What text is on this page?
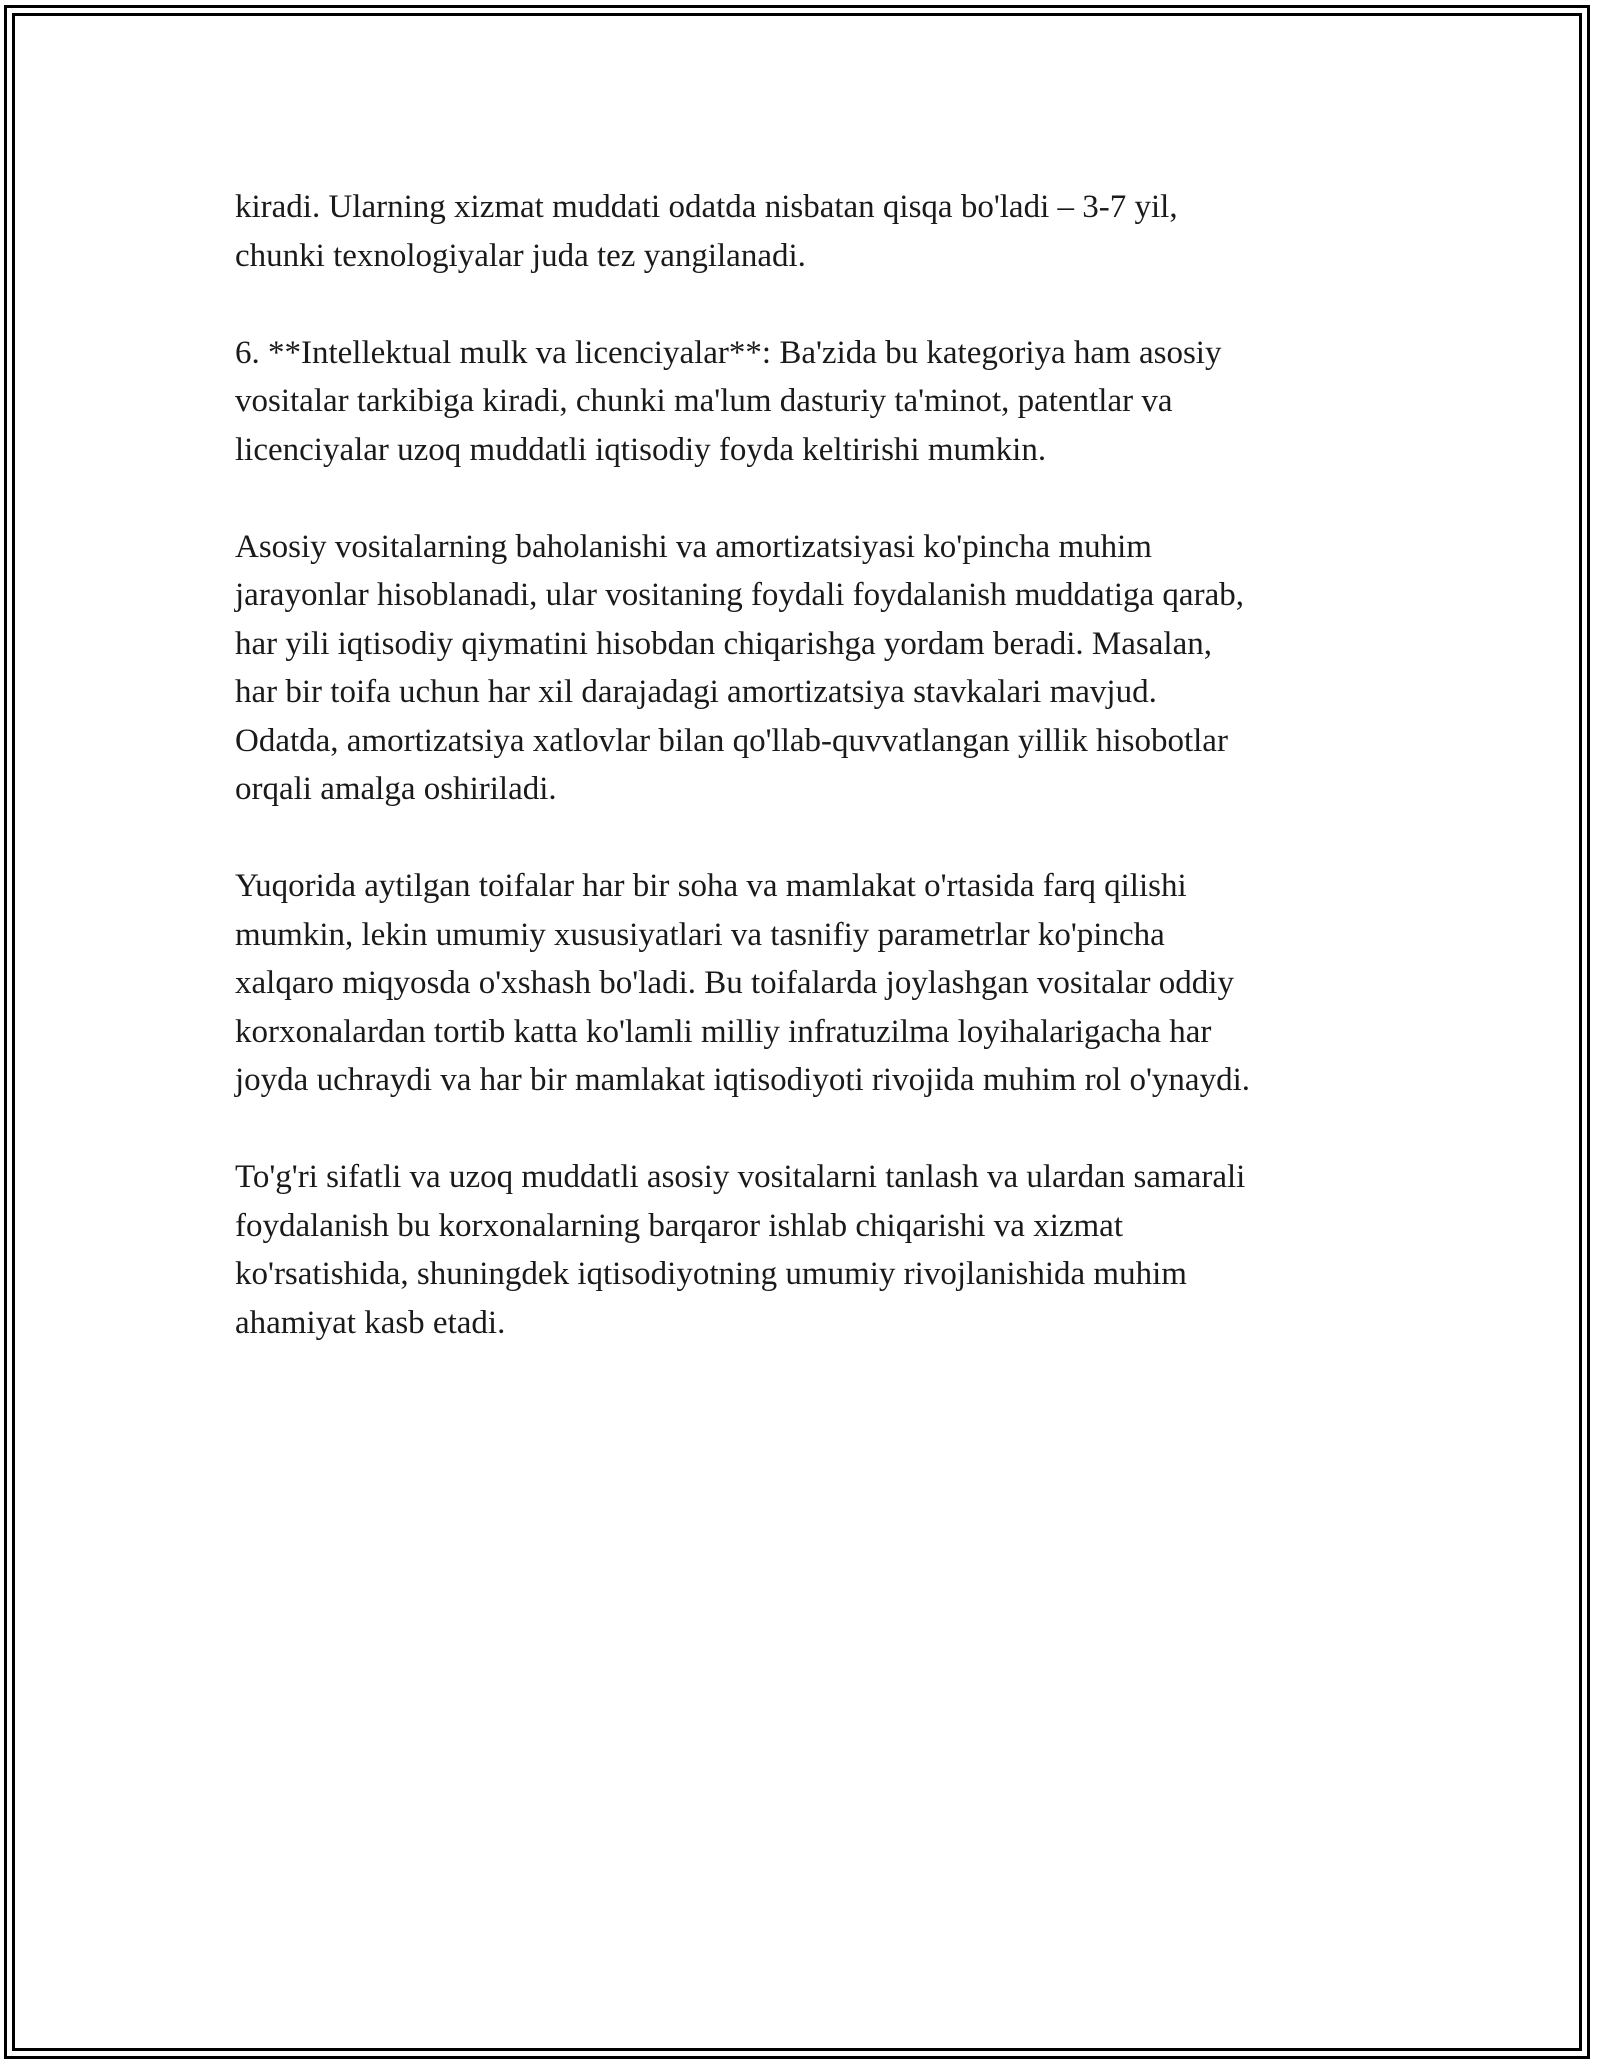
kiradi. Ularning xizmat muddati odatda nisbatan qisqa bo'ladi – 3-7 yil,
chunki texnologiyalar juda tez yangilanadi.

6. **Intellektual mulk va licenciyalar**: Ba'zida bu kategoriya ham asosiy
vositalar tarkibiga kiradi, chunki ma'lum dasturiy ta'minot, patentlar va
licenciyalar uzoq muddatli iqtisodiy foyda keltirishi mumkin.

Asosiy vositalarning baholanishi va amortizatsiyasi ko'pincha muhim
jarayonlar hisoblanadi, ular vositaning foydali foydalanish muddatiga qarab,
har yili iqtisodiy qiymatini hisobdan chiqarishga yordam beradi. Masalan,
har bir toifa uchun har xil darajadagi amortizatsiya stavkalari mavjud.
Odatda, amortizatsiya xatlovlar bilan qo'llab-quvvatlangan yillik hisobotlar
orqali amalga oshiriladi.

Yuqorida aytilgan toifalar har bir soha va mamlakat o'rtasida farq qilishi
mumkin, lekin umumiy xususiyatlari va tasnifiy parametrlar ko'pincha
xalqaro miqyosda o'xshash bo'ladi. Bu toifalarda joylashgan vositalar oddiy
korxonalardan tortib katta ko'lamli milliy infratuzilma loyihalarigacha har
joyda uchraydi va har bir mamlakat iqtisodiyoti rivojida muhim rol o'ynaydi.

To'g'ri sifatli va uzoq muddatli asosiy vositalarni tanlash va ulardan samarali
foydalanish bu korxonalarning barqaror ishlab chiqarishi va xizmat
ko'rsatishida, shuningdek iqtisodiyotning umumiy rivojlanishida muhim
ahamiyat kasb etadi.
